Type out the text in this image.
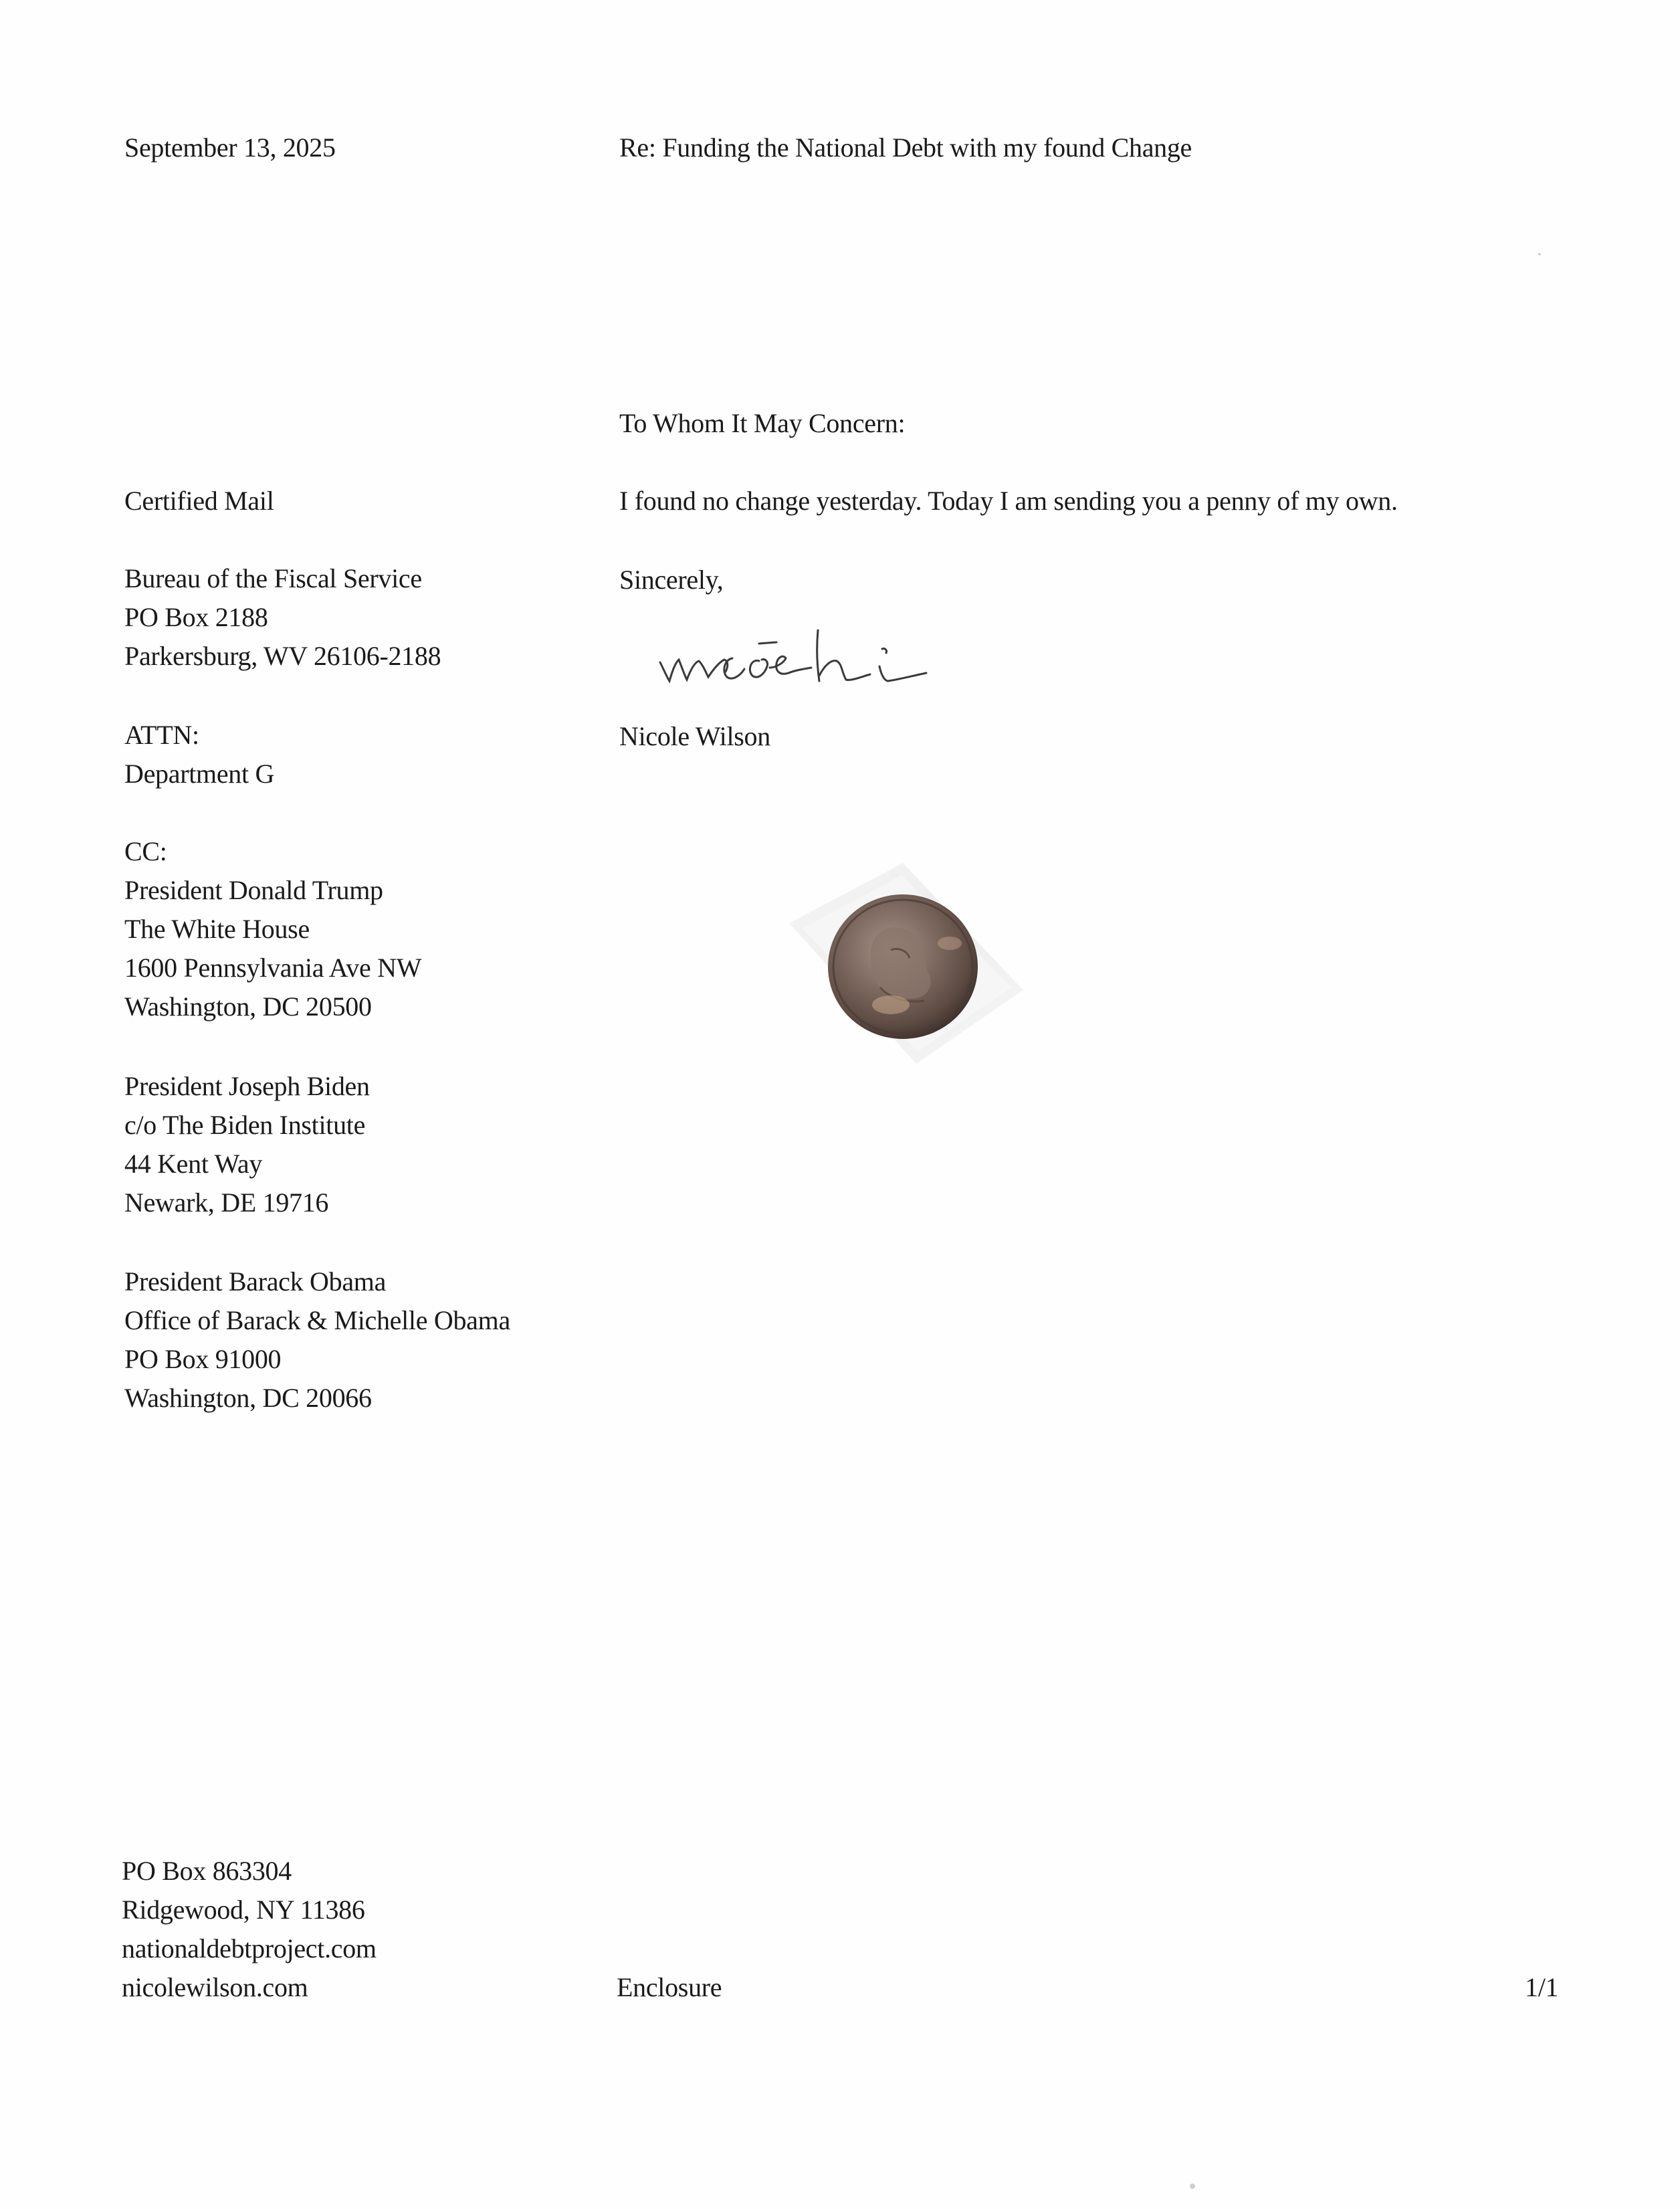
September 13, 2025	Re: Funding the National Debt with my found Change
To Whom It May Concern:
I found no change yesterday. Today I am sending you a penny of my own.
Sincerely,
Nicole Wilson
Certified Mail
Bureau of the Fiscal Service
PO Box 2188
Parkersburg, WV 26106-2188
ATTN:
Department G
CC:
President Donald Trump
The White House
1600 Pennsylvania Ave NW
Washington, DC 20500
President Joseph Biden
c/o The Biden Institute
44 Kent Way
Newark, DE 19716
President Barack Obama
Office of Barack & Michelle Obama
PO Box 91000
Washington, DC 20066
PO Box 863304
Ridgewood, NY 11386
nationaldebtproject.com
nicolewilson.com	Enclosure	1/1
